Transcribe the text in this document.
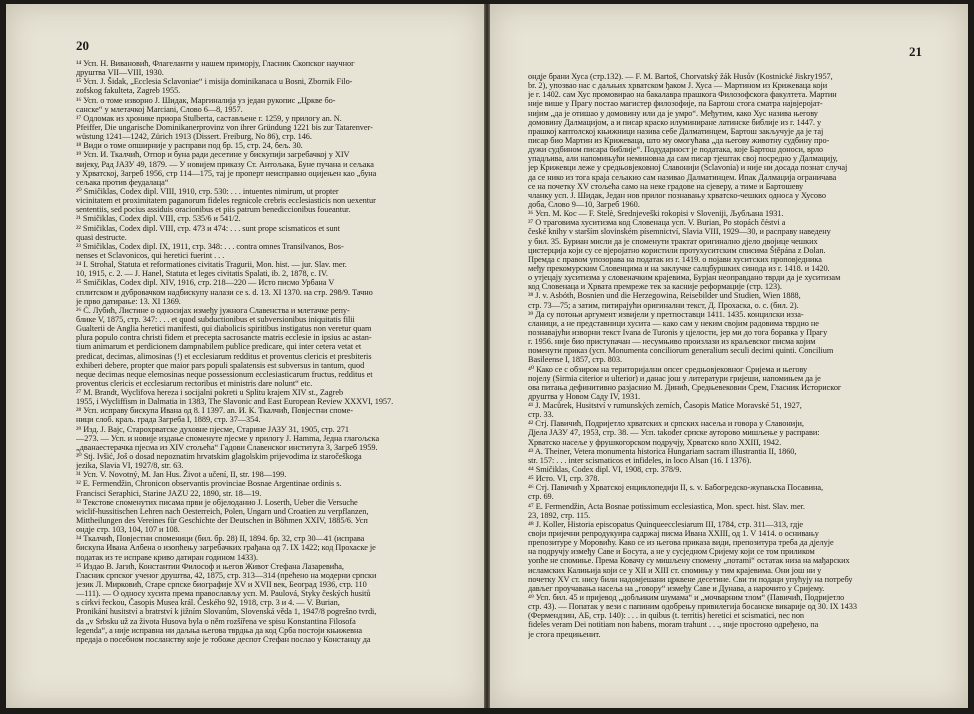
20
¹⁴ Усп. Н. Вивановић, Флагеланти у нашем приморју, Гласник Скопског научног
друштва VII—VIII, 1930.
¹⁵ Усп. J. Šidak, „Ecclesia Sclavoniae“ i misija dominikanaca u Bosni, Zbornik Filo-
zofskog fakulteta, Zagreb 1955.
¹⁶ Усп. о томе изворно J. Шидак, Маргиналија уз један рукопис „Цркве бо-
санске“ у млетачкој Marciani, Слово 6—8, 1957.
¹⁷ Одломак из хронике приора Stulberta, састављене г. 1259, у прилогу an. N.
Pfeiffer, Die ungarische Dominikanerprovinz von ihrer Gründung 1221 bis zur Tatarenver-
wüstung 1241—1242, Zürich 1913 (Dissert. Freiburg, No 86), стр. 146.
¹⁸ Види о томе опширније у расправи под бр. 15, стр. 24, бељ. 30.
¹⁹ Усп. И. Ткалчић, Отпор и буна ради десетине у бискупији загребачкој у XIV
вијеку, Рад ЈАЗУ 49, 1879. — У новијем приказу Ст. Антољака, Буне пучана и сељака
у Хрватској, Загреб 1956, стр 114—175, тај је проперт неисправно оцијењен као „буна
сељака против феудалаца“
²⁰ Smičiklas, Codex dipl. VIII, 1910, стр. 530: . . . intuentes nimirum, ut propter
vicinitatem et proximitatem paganorum fideles regnicole crebris ecclesiasticis non uexentur
sententiis, sed pocius assiduis oracionibus et piis patrum benediccionibus foueantur.
²¹ Smičiklas, Codex dipl. VIII, стр. 535/6 и 541/2.
²² Smičiklas, Codex dipl. VIII, стр. 473 и 474: . . . sunt prope scismaticos et sunt
quasi destructe.
²³ Smičiklas, Codex dipl. IX, 1911, стр. 348: . . . contra omnes Transilvanos, Bos-
nenses et Sclavonicos, qui heretici fuerint . . .
²⁴ I. Strohal, Statuta et reformationes civitatis Tragurii, Mon. hist. — jur. Slav. mer.
10, 1915, с. 2. — J. Hanel, Statuta et leges civitatis Spalati, ib. 2, 1878, c. IV.
²⁵ Smičiklas, Codex dipl. XIV, 1916, стр. 218—220 — Исто писмо Урбана V
сплитском и дубровачком надбискупу налази се s. d. 13. XI 1370. на стр. 298/9. Тачно
је прво датирање: 13. XI 1369.
²⁶ Ć. Лубић, Листине о односијах између јужнога Славенства и млетачке репу-
блике V, 1875, стр. 347: . . . et quod subductionibus et subversionibus iniquitatis filii
Gualterii de Anglia heretici manifesti, qui diabolicis spiritibus instigatus non veretur quam
plura populo contra christi fidem et precepta sacrosancte matris ecclesie in ipsius ac astan-
tium animarum et perdicionem dampnabilem publice predicare, qui inter cetera vetat et
predicat, decimas, alimosinas (!) et ecclesiarum redditus et proventus clericis et presbiteris
exhiberi debere, propter que maior pars populi spalatensis est subversus in tantum, quod
neque decimas neque elemosinas neque possessionum ecclesiasticarum fructus, redditus et
proventus clericis et ecclesiarum rectoribus et ministris dare nolunt“ etc.
²⁷ M. Brandt, Wyclifova hereza i socijalni pokreti u Splitu krajem XIV st., Zagreb
1955, i Wycliffism in Dalmatia in 1383, The Slavonic and East European Review XXXVI, 1957.
²⁸ Усп. исправу бискупа Ивана од 8. I 1397. an. И. К. Ткалчић, Повјестни споме-
ници слоб. краљ. града Загреба I, 1889, стр. 37—354.
²⁹ Изд. J. Вајс, Старохрватске духовне пјесме, Старине ЈАЗУ 31, 1905, стр. 271
—273. — Усп. и новије издање споменуте пјесме у прилогу J. Hamma, Једна глагољска
„дванаестерачка пјесма из XIV стољећа“ Гадови Славенског института 3, Загреб 1959.
³⁰ Stj. Ivšić, Još o dosad nepoznatim hrvatskim glagolskim prijevodima iz staročeškoga
jezika, Slavia VI, 1927/8, str. 63.
³¹ Усп. V. Novotný, M. Jan Hus. Život a učení, II, str. 198—199.
³² E. Fermendžin, Chronicon observantis provinciae Bosnae Argentinae ordinis s.
Francisci Seraphici, Starine JAZU 22, 1890, str. 18—19.
³³ Текстове споменутих писама први је објелоданио J. Loserth, Ueber die Versuche
wiclif-hussitischen Lehren nach Oesterreich, Polen, Ungarn und Croatien zu verpflanzen,
Mittheilungen des Vereines für Geschichte der Deutschen in Böhmen XXIV, 1885/6. Усп
ондје стр. 103, 104, 107 и 108.
³⁴ Ткалчић, Повјестни споменици (бил. бр. 28) II, 1894. бр. 32, стр 30—41 (исправа
бискупа Ивана Албена о изопћењу загребачких грађана од 7. IX 1422; код Прохаске је
податак из те исправе криво датиран годином 1433).
³⁵ Издао В. Јагић, Константин Философ и његов Живот Стефана Лазаревића,
Гласник српског ученог друштва, 42, 1875, стр. 313—314 (прећено на модерни српски
језик Л. Мирковић, Старе српске биографије XV и XVII век, Београд 1936, стр. 110
—111). — О односу хусита према православљу усп. M. Paulová, Styky českých husitů
s církvi řeckou, Časopis Musea král. Českého 92, 1918, стр. 3 и 4. — V. Burian,
Pronikání husitství a bratrství k jižním Slovanům, Slovenská věda 1, 1947/8 pogrešno tvrdi,
da „v Srbsku už za života Husova byla o něm rozšířena ve spisu Konstantina Filosofa
legenda“, а није исправна ни даљња његова тврдња да код Срба постоји књижевна
предаја о посебном посланству које је тобоже деспот Стефан послао у Констанцу да
21
ондје брани Хуса (стр.132). — F. M. Bartoš, Chorvatský žák Husův (Kostnické Jiskry1957,
br. 2), упозвао нас с даљњих хрватском ђаком J. Хуса — Мартином из Крижеваца који
је г. 1402. сам Хус промовирао на бакалавра прашкога Филозофскога факултета. Мартин
није више у Прагу постао магистер филозофије, па Бартош стога сматра највјеројат-
нијим „да је отишао у домовину или да је умро“. Међутим, како Хус назива његову
домовину Далмацијом, а и писар краско илуминиране латинске библије из г. 1447. у
прашкој каптолској књижници назива себе Далматинцем, Бартош закључује да је тај
писар био Мартин из Крижеваца, што му омогућава „да његову животну судбину про-
дужи судбином писара библије“. Подударност је података, које Бартош доноси, врло
упадљива, али напомињући неминовна да сам писар тјештак свој посредно у Далмацију,
јер Крижевци леже у средњовјековној Славонији (Sclavonia) и није ни досада познат случај
да се нико из тога краја сељакио сам називао Далматинцем. Ипак Далмација ограничава
се на почетку XV стољећа само на неке градове на сјеверу, а тиме и Бартошеву
чланку усп. J. Шидак, Један нов прилог познавању хрватско-чешких односа у Хусово
доба, Слово 9—10, Загреб 1960.
³⁶ Усп. М. Кос — F. Stelè, Srednjeveški rokopisi v Sloveniji, Љубљана 1931.
³⁷ О траговима хуситизма код Словенаца усп. V. Burian, Po stopách čéstvi a
české knihy v starším slovinském písemnictví, Slavia VIII, 1929—30, и расправу наведену
у бил. 35. Буриан мисли да је споменути трактат оригинално дјело двојице чешких
цистерција који су се вјероjатно користили протухуситским списима Štěpána z Dolan.
Премда с правом упозорава на податак из г. 1419. о појави хуситских проповједника
међу прекомурским Словенцима и на заклучке салцбуршких синода из г. 1418. и 1420.
о утјецају хуситизма у словеначким крајевима, Бурјан неоправдано тврди да је хуситизам
код Словенаца и Хрвата премреже тек за касније реформације (стр. 123).
³⁸ J. v. Asbóth, Bosnien und die Herzegowina, Reisebilder und Studien, Wien 1888,
стр. 73—75; а затим, питирајући оригинални текст, Д. Прохаска, о. с. (бил. 2).
³⁹ Да су потоњи аргумент извијели у претпоставци 1411. 1435. концилски изза-
сланици, а не представници хусита — како сам у неким својим радовима тврдио не
познавајући изворни текст Ivana de Turonis у цјелости, јер ми до тога боравка у Прагу
г. 1956. није био приступачан — несумњиво произлази из краљевског писма којим
поменути приказ (усп. Monumenta conciliorum generalium seculi decimi quinti. Concilium
Basileense I, 1857, стр. 803.
⁴⁰ Како се с обзиром на територијални опсег средњовјековног Сријема и његову
појелу (Sirmia citerior и ulterior) и данас још у литератури гријеши, напомињем да је
ова питања дефинитивно разјаснио М. Динић, Средњевековни Срем, Гласник Историског
друштва у Новом Саду IV, 1931.
⁴¹ J. Macůrek, Husitství v rumunských zemích, Časopis Matice Moravské 51, 1927,
стр. 33.
⁴² Стј. Павичић, Подријетло хрватских и српских насеља и говора у Славонији,
Дјела ЈАЗУ 47, 1953, стр. 38. — Усп. također српске ауторово мишљење у расправи:
Хрватско насеље у фрушкогорском подручју, Хрватско коло XXIII, 1942.
⁴³ A. Theiner, Vetera monumenta historica Hungariam sacram illustrantia II, 1860,
str. 157: . . . inter scismaticos et infideles, in loco Alsan (16. I 1376).
⁴⁴ Smičiklas, Codex dipl. VI, 1908, стр. 378/9.
⁴⁵ Исто. VI, стр. 378.
⁴⁶ Стј. Павичић у Хрватској енциклопедији II, s. v. Бабогредско-жупањска Посавина,
стр. 69.
⁴⁷ E. Fermendžin, Acta Bosnae potissimum ecclesiastica, Mon. spect. hist. Slav. mer.
23, 1892, стр. 115.
⁴⁸ J. Koller, Historia episcopatus Quinqueecclesiarum III, 1784, стр. 311—313, гдје
своји пријечни репродукуира садржај писма Ивана XXIII, од 1. V 1414. о оснивању
препозитуре у Моровићу. Како се из његова приказа види, препозитура треба да дјелује
на подручју између Саве и Босута, а не у сусједном Сријему који се том приликом
уопће не спомиње. Према Ковачу су мишљену спомену „потаmi“ остатак низа на мађарских
исламских Калињиja који се у XII и XIII ст. спомињу у тим крајевима. Они још ни у
почетку XV ст. нису били надомјешани црквене десетине. Сви ти подаци упућују на потребу
дављег проучавања насеља на „говору“ између Саве и Дунава, а нарочито у Сријему.
⁴⁹ Усп. бил. 45 и пријевод „добљиким шумама“ и „мочварним тлом“ (Павичић, Подријетло
стр. 43). — Попатак у вези с папиним одобрењу привилегија босанске викарије од 30. IX 1433
(Фермендзин, АБ, стр. 140): . . . in quibus (t. territis) heretici et scismatici, nec non
fideles veram Dei notitiam non habens, moram trahunt . . ., није простоно одређено, па
је стога прецињенит.
